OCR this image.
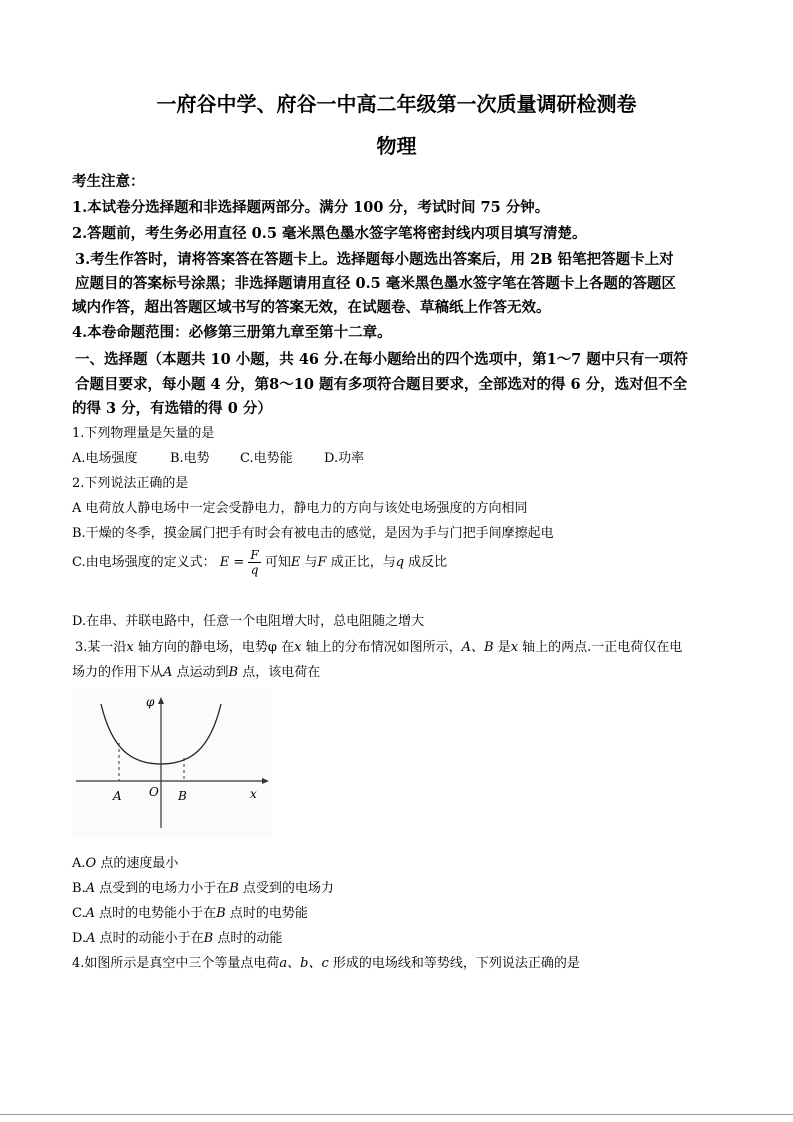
一府谷中学、府谷一中高二年级第一次质量调研检测卷
物理
考生注意：
1.本试卷分选择题和非选择题两部分。满分 100 分，考试时间 75 分钟。
2.答题前，考生务必用直径 0.5 毫米黑色墨水签字笔将密封线内项目填写清楚。
3.考生作答时，请将答案答在答题卡上。选择题每小题选出答案后，用 2B 铅笔把答题卡上对
应题目的答案标号涂黑；非选择题请用直径 0.5 毫米黑色墨水签字笔在答题卡上各题的答题区
域内作答，超出答题区域书写的答案无效，在试题卷、草稿纸上作答无效。
4.本卷命题范围：必修第三册第九章至第十二章。
一、选择题（本题共 10 小题，共 46 分.在每小题给出的四个选项中，第1～7 题中只有一项符
合题目要求，每小题 4 分，第8～10 题有多项符合题目要求，全部选对的得 6 分，选对但不全
的得 3 分，有选错的得 0 分）
1.下列物理量是矢量的是
A.电场强度 B.电势 C.电势能 D.功率
2.下列说法正确的是
A 电荷放人静电场中一定会受静电力，静电力的方向与该处电场强度的方向相同
B.干燥的冬季，摸金属门把手有时会有被电击的感觉，是因为手与门把手间摩擦起电
C.由电场强度的定义式： $E = \frac{F}{q}$ 可知E 与F 成正比，与q 成反比
D.在串、并联电路中，任意一个电阻增大时，总电阻随之增大
3.某一沿x 轴方向的静电场，电势φ 在x 轴上的分布情况如图所示，A、B 是x 轴上的两点.一正电荷仅在电
场力的作用下从A 点运动到B 点，该电荷在
φ
x
A O B
A.O 点的速度最小
B.A 点受到的电场力小于在B 点受到的电场力
C.A 点时的电势能小于在B 点时的电势能
D.A 点时的动能小于在B 点时的动能
4.如图所示是真空中三个等量点电荷a、b、c 形成的电场线和等势线，下列说法正确的是
